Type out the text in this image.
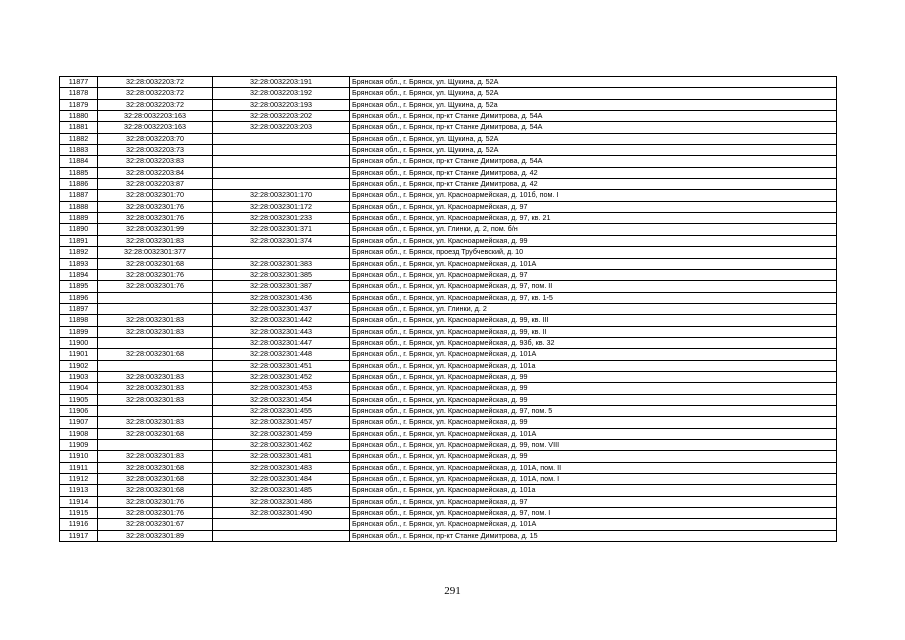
11877	32:28:0032203:72	32:28:0032203:191	Брянская обл., г. Брянск, ул. Щукина, д. 52А
11878	32:28:0032203:72	32:28:0032203:192	Брянская обл., г. Брянск, ул. Щукина, д. 52А
11879	32:28:0032203:72	32:28:0032203:193	Брянская обл., г. Брянск, ул. Щукина, д. 52а
11880	32:28:0032203:163	32:28:0032203:202	Брянская обл., г. Брянск, пр-кт Станке Димитрова, д. 54А
11881	32:28:0032203:163	32:28:0032203:203	Брянская обл., г. Брянск, пр-кт Станке Димитрова, д. 54А
11882	32:28:0032203:70		Брянская обл., г. Брянск, ул. Щукина, д. 52А
11883	32:28:0032203:73		Брянская обл., г. Брянск, ул. Щукина, д. 52А
11884	32:28:0032203:83		Брянская обл., г. Брянск, пр-кт Станке Димитрова, д. 54А
11885	32:28:0032203:84		Брянская обл., г. Брянск, пр-кт Станке Димитрова, д. 42
11886	32:28:0032203:87		Брянская обл., г. Брянск, пр-кт Станке Димитрова, д. 42
11887	32:28:0032301:70	32:28:0032301:170	Брянская обл., г. Брянск, ул. Красноармейская, д. 101б, пом. I
11888	32:28:0032301:76	32:28:0032301:172	Брянская обл., г. Брянск, ул. Красноармейская, д. 97
11889	32:28:0032301:76	32:28:0032301:233	Брянская обл., г. Брянск, ул. Красноармейская, д. 97, кв. 21
11890	32:28:0032301:99	32:28:0032301:371	Брянская обл., г. Брянск, ул. Глинки, д. 2, пом. б/н
11891	32:28:0032301:83	32:28:0032301:374	Брянская обл., г. Брянск, ул. Красноармейская, д. 99
11892	32:28:0032301:377		Брянская обл., г. Брянск, проезд Трубчевский, д. 10
11893	32:28:0032301:68	32:28:0032301:383	Брянская обл., г. Брянск, ул. Красноармейская, д. 101А
11894	32:28:0032301:76	32:28:0032301:385	Брянская обл., г. Брянск, ул. Красноармейская, д. 97
11895	32:28:0032301:76	32:28:0032301:387	Брянская обл., г. Брянск, ул. Красноармейская, д. 97, пом. II
11896		32:28:0032301:436	Брянская обл., г. Брянск, ул. Красноармейская, д. 97, кв. 1-5
11897		32:28:0032301:437	Брянская обл., г. Брянск, ул. Глинки, д. 2
11898	32:28:0032301:83	32:28:0032301:442	Брянская обл., г. Брянск, ул. Красноармейская, д. 99, кв. III
11899	32:28:0032301:83	32:28:0032301:443	Брянская обл., г. Брянск, ул. Красноармейская, д. 99, кв. II
11900		32:28:0032301:447	Брянская обл., г. Брянск, ул. Красноармейская, д. 93б, кв. 32
11901	32:28:0032301:68	32:28:0032301:448	Брянская обл., г. Брянск, ул. Красноармейская, д. 101А
11902		32:28:0032301:451	Брянская обл., г. Брянск, ул. Красноармейская, д. 101а
11903	32:28:0032301:83	32:28:0032301:452	Брянская обл., г. Брянск, ул. Красноармейская, д. 99
11904	32:28:0032301:83	32:28:0032301:453	Брянская обл., г. Брянск, ул. Красноармейская, д. 99
11905	32:28:0032301:83	32:28:0032301:454	Брянская обл., г. Брянск, ул. Красноармейская, д. 99
11906		32:28:0032301:455	Брянская обл., г. Брянск, ул. Красноармейская, д. 97, пом. 5
11907	32:28:0032301:83	32:28:0032301:457	Брянская обл., г. Брянск, ул. Красноармейская, д. 99
11908	32:28:0032301:68	32:28:0032301:459	Брянская обл., г. Брянск, ул. Красноармейская, д. 101А
11909		32:28:0032301:462	Брянская обл., г. Брянск, ул. Красноармейская, д. 99, пом. VIII
11910	32:28:0032301:83	32:28:0032301:481	Брянская обл., г. Брянск, ул. Красноармейская, д. 99
11911	32:28:0032301:68	32:28:0032301:483	Брянская обл., г. Брянск, ул. Красноармейская, д. 101А, пом. II
11912	32:28:0032301:68	32:28:0032301:484	Брянская обл., г. Брянск, ул. Красноармейская, д. 101А, пом. I
11913	32:28:0032301:68	32:28:0032301:485	Брянская обл., г. Брянск, ул. Красноармейская, д. 101а
11914	32:28:0032301:76	32:28:0032301:486	Брянская обл., г. Брянск, ул. Красноармейская, д. 97
11915	32:28:0032301:76	32:28:0032301:490	Брянская обл., г. Брянск, ул. Красноармейская, д. 97, пом. I
11916	32:28:0032301:67		Брянская обл., г. Брянск, ул. Красноармейская, д. 101А
11917	32:28:0032301:89		Брянская обл., г. Брянск, пр-кт Станке Димитрова, д. 15
291
